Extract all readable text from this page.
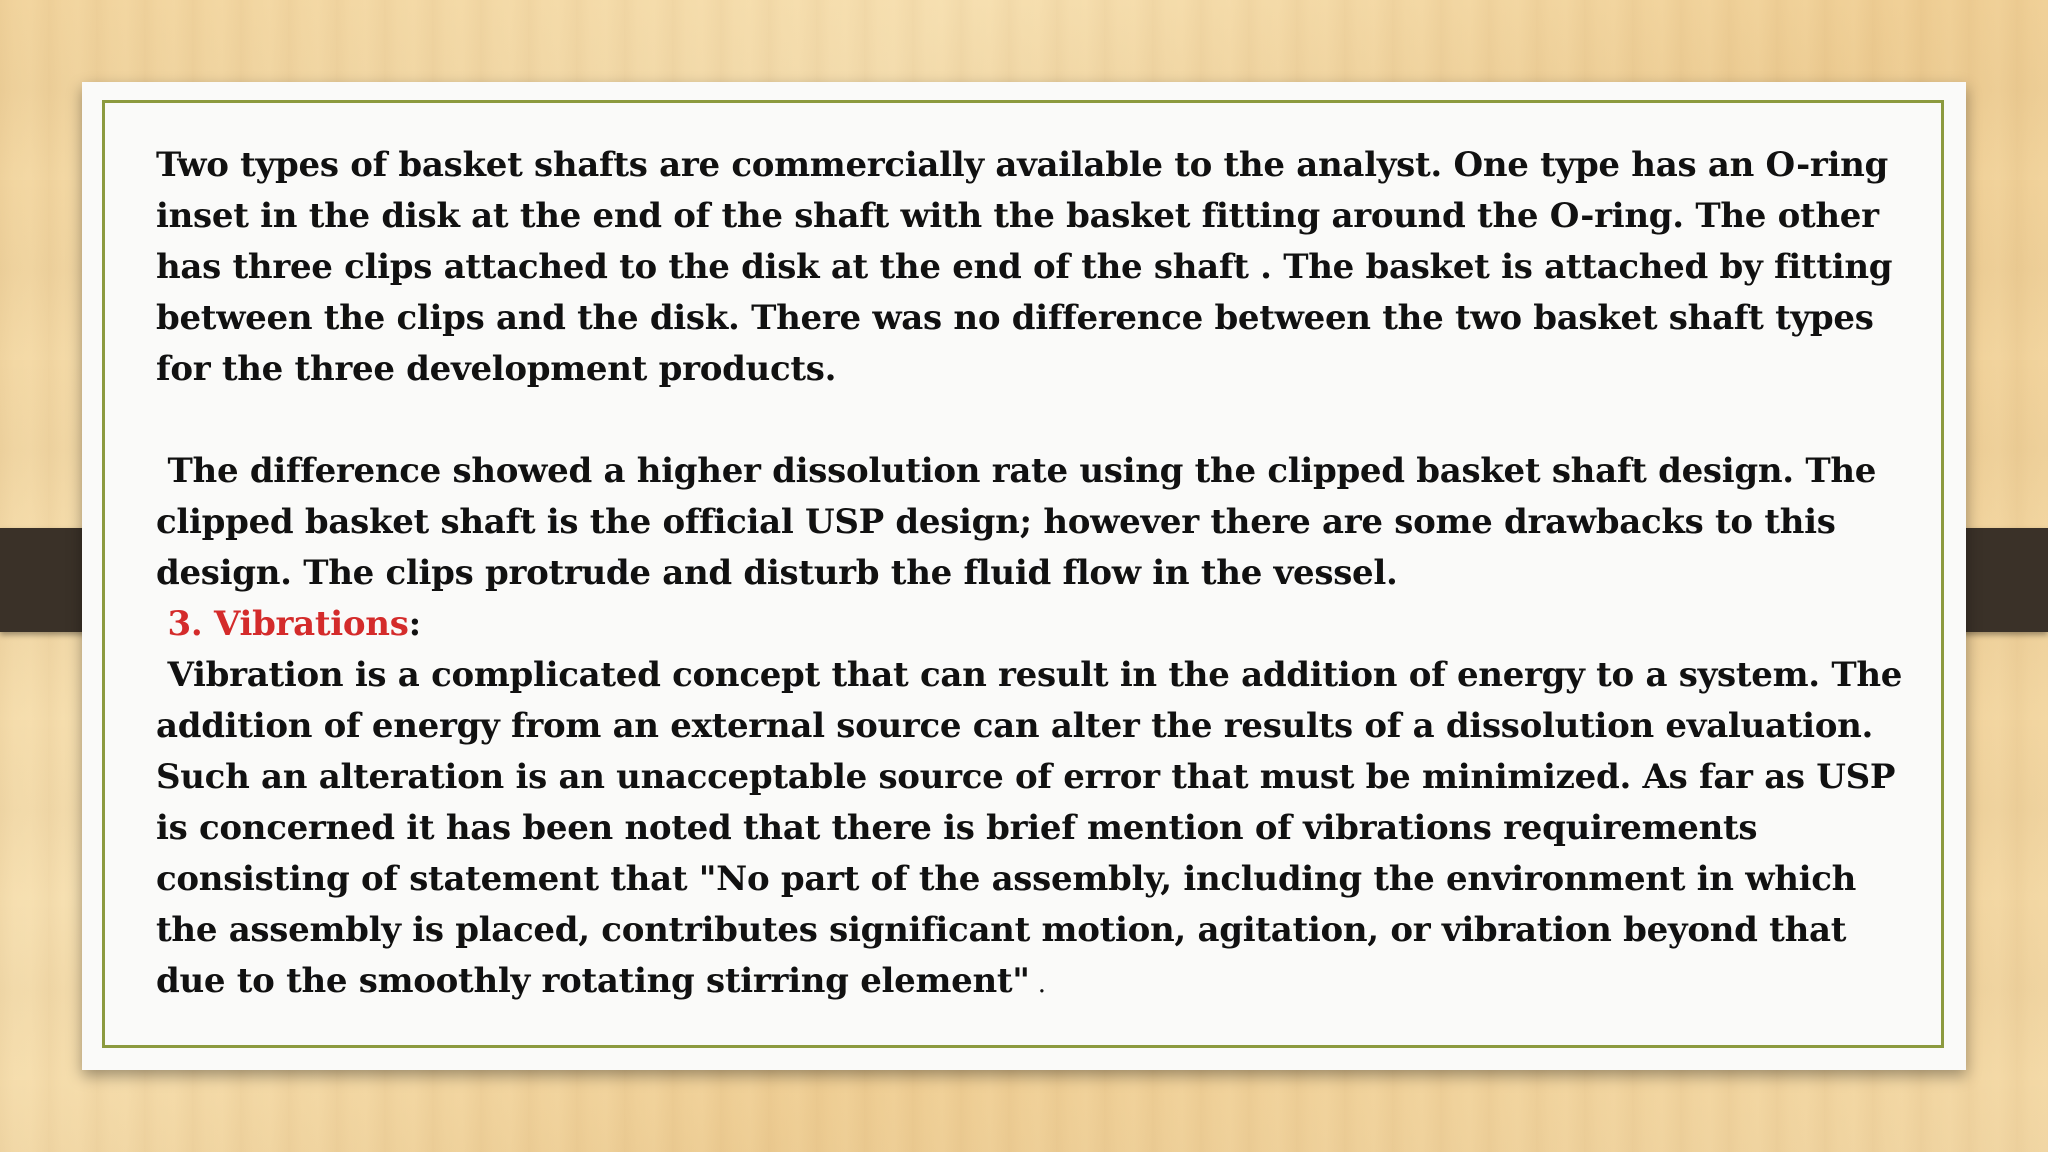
Two types of basket shafts are commercially available to the analyst. One type has an O-ring inset in the disk at the end of the shaft with the basket fitting around the O-ring. The other has three clips attached to the disk at the end of the shaft . The basket is attached by fitting between the clips and the disk. There was no difference between the two basket shaft types for the three development products.

The difference showed a higher dissolution rate using the clipped basket shaft design. The clipped basket shaft is the official USP design; however there are some drawbacks to this design. The clips protrude and disturb the fluid flow in the vessel.

3. Vibrations:

Vibration is a complicated concept that can result in the addition of energy to a system. The addition of energy from an external source can alter the results of a dissolution evaluation. Such an alteration is an unacceptable source of error that must be minimized. As far as USP is concerned it has been noted that there is brief mention of vibrations requirements consisting of statement that "No part of the assembly, including the environment in which the assembly is placed, contributes significant motion, agitation, or vibration beyond that due to the smoothly rotating stirring element" .
